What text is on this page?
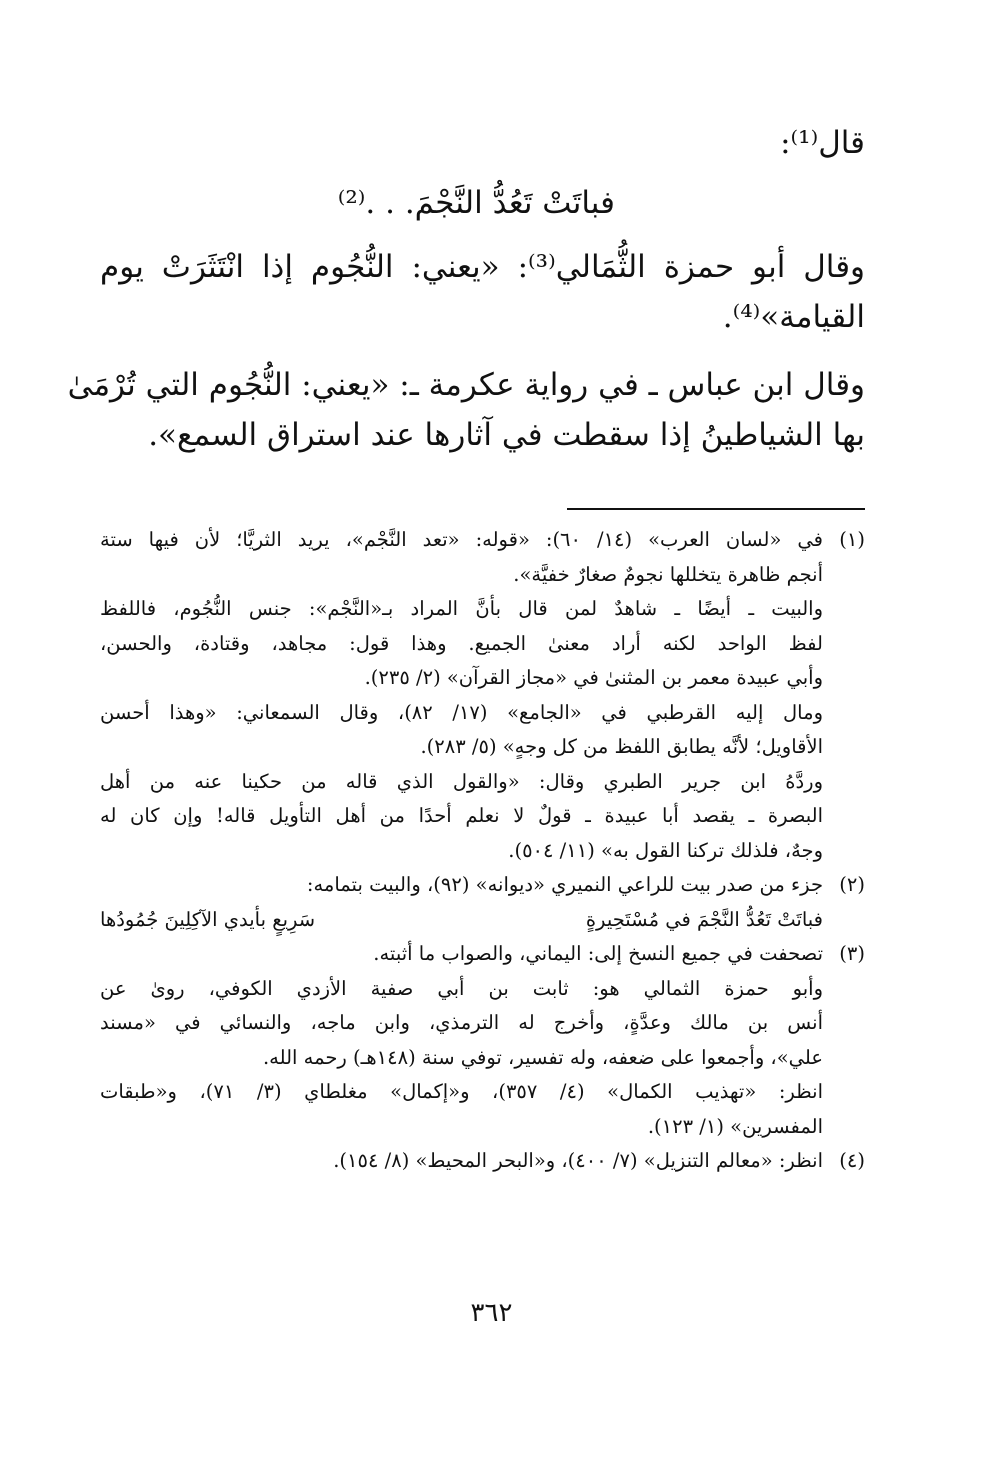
قال⁽¹⁾:
فباتَتْ تَعُدُّ النَّجْمَ. . .⁽²⁾
وقال أبو حمزة الثُّمَالي⁽³⁾: «يعني: النُّجُوم إذا انْتَثَرَتْ يوم
القيامة»⁽⁴⁾.
وقال ابن عباس ـ في رواية عكرمة ـ: «يعني: النُّجُوم التي تُرْمَىٰ
بها الشياطينُ إذا سقطت في آثارها عند استراق السمع».
(١)في «لسان العرب» (١٤/ ٦٠): «قوله: «تعد النَّجْم»، يريد الثريَّا؛ لأن فيها ستة
أنجم ظاهرة يتخللها نجومٌ صغارٌ خفيَّة».
والبيت ـ أيضًا ـ شاهدٌ لمن قال بأنَّ المراد بـ«النَّجْم»: جنس النُّجُوم، فاللفظ
لفظ الواحد لكنه أراد معنىٰ الجميع. وهذا قول: مجاهد، وقتادة، والحسن،
وأبي عبيدة معمر بن المثنىٰ في «مجاز القرآن» (٢/ ٢٣٥).
ومال إليه القرطبي في «الجامع» (١٧/ ٨٢)، وقال السمعاني: «وهذا أحسن
الأقاويل؛ لأنَّه يطابق اللفظ من كل وجهٍ» (٥/ ٢٨٣).
وردَّهُ ابن جرير الطبري وقال: «والقول الذي قاله من حكينا عنه من أهل
البصرة ـ يقصد أبا عبيدة ـ قولٌ لا نعلم أحدًا من أهل التأويل قاله! وإن كان له
وجهٌ، فلذلك تركنا القول به» (١١/ ٥٠٤).
(٢)جزء من صدر بيت للراعي النميري «ديوانه» (٩٢)، والبيت بتمامه:
فباتَتْ تَعُدُّ النَّجْمَ في مُسْتَحِيرةٍ
سَرِيعٍ بأيدي الآكِلِينَ جُمُودُها
(٣)تصحفت في جميع النسخ إلى: اليماني، والصواب ما أثبته.
وأبو حمزة الثمالي هو: ثابت بن أبي صفية الأزدي الكوفي، روىٰ عن
أنس بن مالك وعدَّةٍ، وأخرج له الترمذي، وابن ماجه، والنسائي في «مسند
علي»، وأجمعوا على ضعفه، وله تفسير، توفي سنة (١٤٨هـ) رحمه الله.
انظر: «تهذيب الكمال» (٤/ ٣٥٧)، و«إكمال» مغلطاي (٣/ ٧١)، و«طبقات
المفسرين» (١/ ١٢٣).
(٤)انظر: «معالم التنزيل» (٧/ ٤٠٠)، و«البحر المحيط» (٨/ ١٥٤).
٣٦٢
